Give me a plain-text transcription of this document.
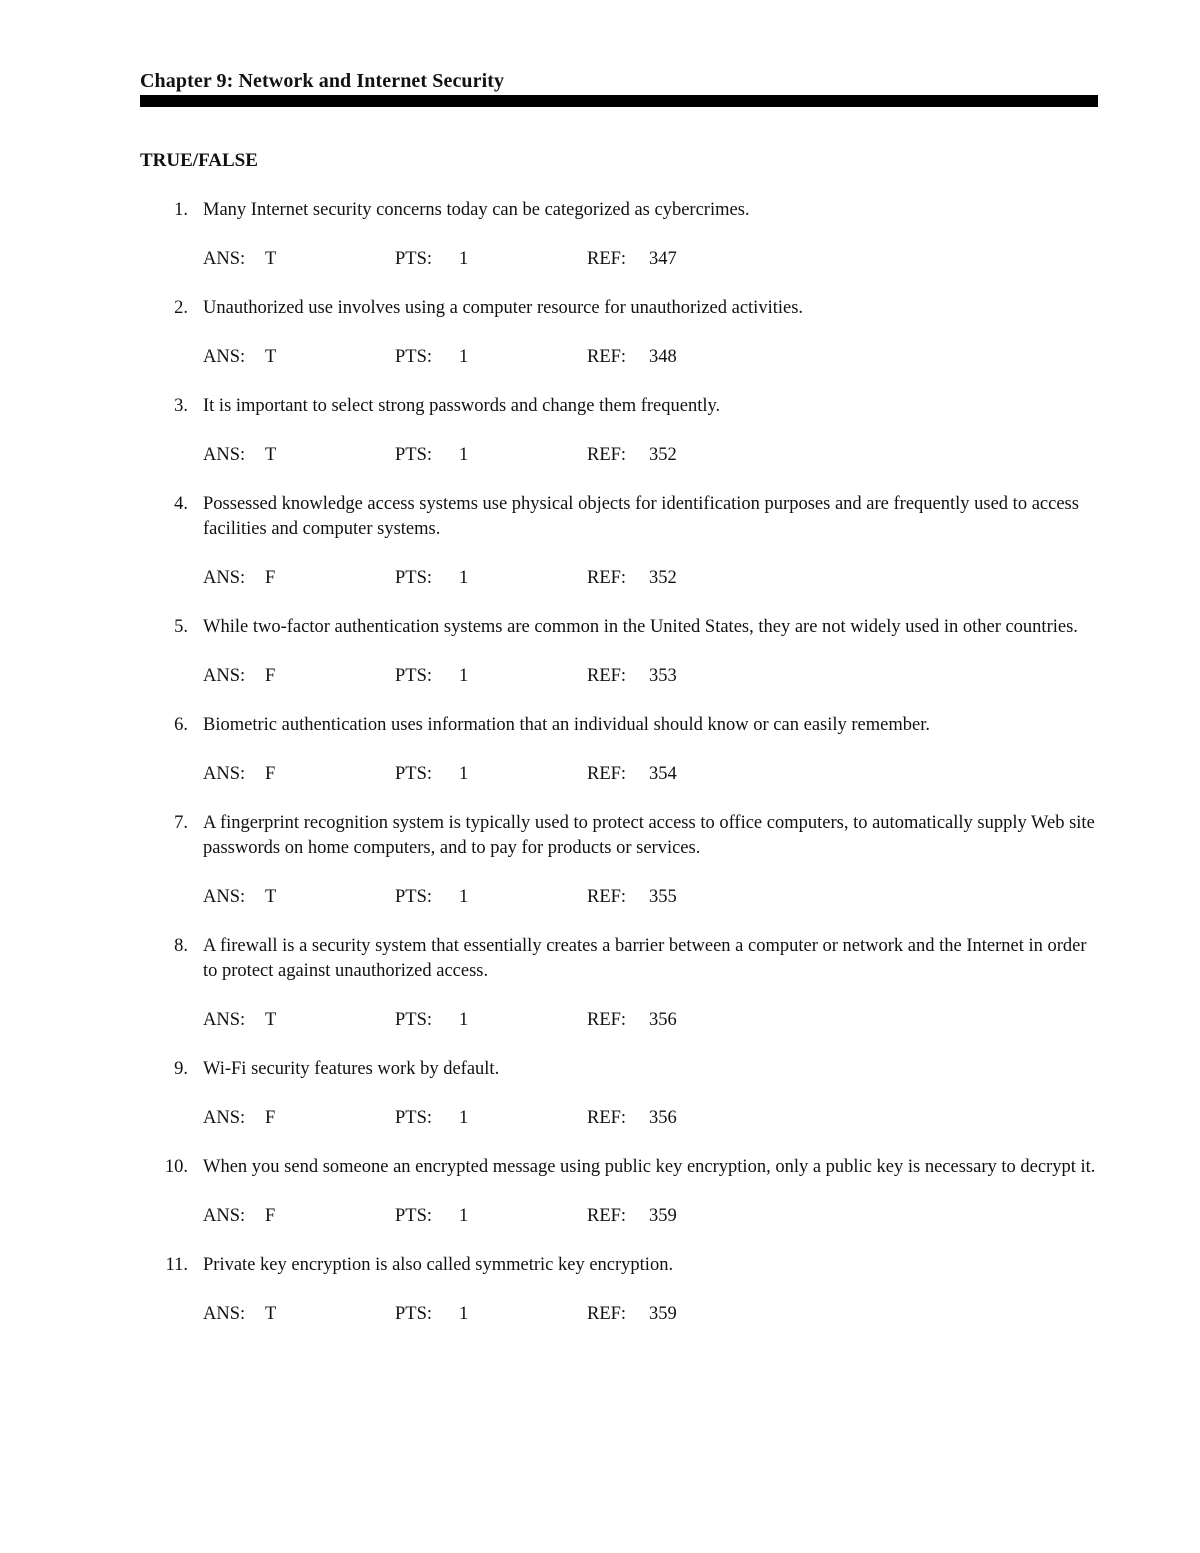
Chapter 9: Network and Internet Security
TRUE/FALSE
1. Many Internet security concerns today can be categorized as cybercrimes.
ANS: T	PTS: 1	REF: 347
2. Unauthorized use involves using a computer resource for unauthorized activities.
ANS: T	PTS: 1	REF: 348
3. It is important to select strong passwords and change them frequently.
ANS: T	PTS: 1	REF: 352
4. Possessed knowledge access systems use physical objects for identification purposes and are frequently used to access facilities and computer systems.
ANS: F	PTS: 1	REF: 352
5. While two-factor authentication systems are common in the United States, they are not widely used in other countries.
ANS: F	PTS: 1	REF: 353
6. Biometric authentication uses information that an individual should know or can easily remember.
ANS: F	PTS: 1	REF: 354
7. A fingerprint recognition system is typically used to protect access to office computers, to automatically supply Web site passwords on home computers, and to pay for products or services.
ANS: T	PTS: 1	REF: 355
8. A firewall is a security system that essentially creates a barrier between a computer or network and the Internet in order to protect against unauthorized access.
ANS: T	PTS: 1	REF: 356
9. Wi-Fi security features work by default.
ANS: F	PTS: 1	REF: 356
10. When you send someone an encrypted message using public key encryption, only a public key is necessary to decrypt it.
ANS: F	PTS: 1	REF: 359
11. Private key encryption is also called symmetric key encryption.
ANS: T	PTS: 1	REF: 359
